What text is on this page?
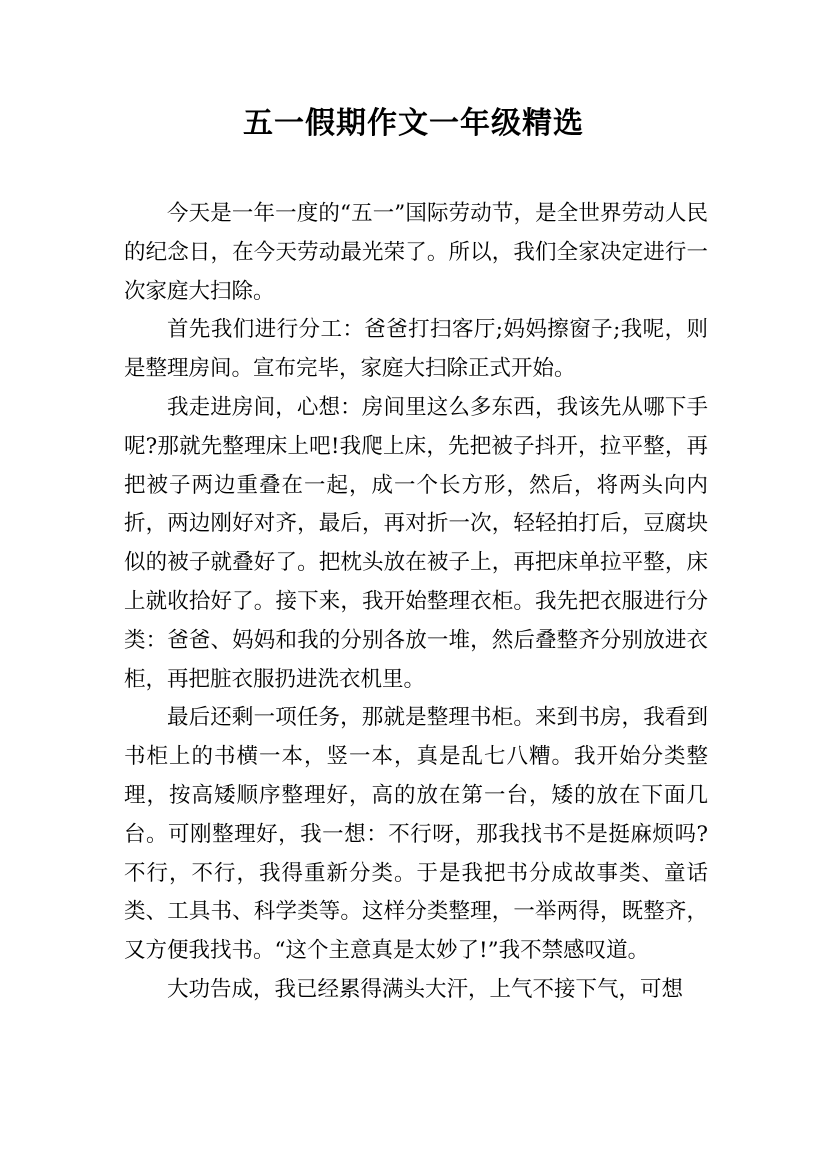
五一假期作文一年级精选

今天是一年一度的“五一”国际劳动节，是全世界劳动人民的纪念日，在今天劳动最光荣了。所以，我们全家决定进行一次家庭大扫除。

首先我们进行分工：爸爸打扫客厅;妈妈擦窗子;我呢，则是整理房间。宣布完毕，家庭大扫除正式开始。

我走进房间，心想：房间里这么多东西，我该先从哪下手呢?那就先整理床上吧!我爬上床，先把被子抖开，拉平整，再把被子两边重叠在一起，成一个长方形，然后，将两头向内折，两边刚好对齐，最后，再对折一次，轻轻拍打后，豆腐块似的被子就叠好了。把枕头放在被子上，再把床单拉平整，床上就收拾好了。接下来，我开始整理衣柜。我先把衣服进行分类：爸爸、妈妈和我的分别各放一堆，然后叠整齐分别放进衣柜，再把脏衣服扔进洗衣机里。

最后还剩一项任务，那就是整理书柜。来到书房，我看到书柜上的书横一本，竖一本，真是乱七八糟。我开始分类整理，按高矮顺序整理好，高的放在第一台，矮的放在下面几台。可刚整理好，我一想：不行呀，那我找书不是挺麻烦吗?不行，不行，我得重新分类。于是我把书分成故事类、童话类、工具书、科学类等。这样分类整理，一举两得，既整齐，又方便我找书。“这个主意真是太妙了!”我不禁感叹道。

大功告成，我已经累得满头大汗，上气不接下气，可想
